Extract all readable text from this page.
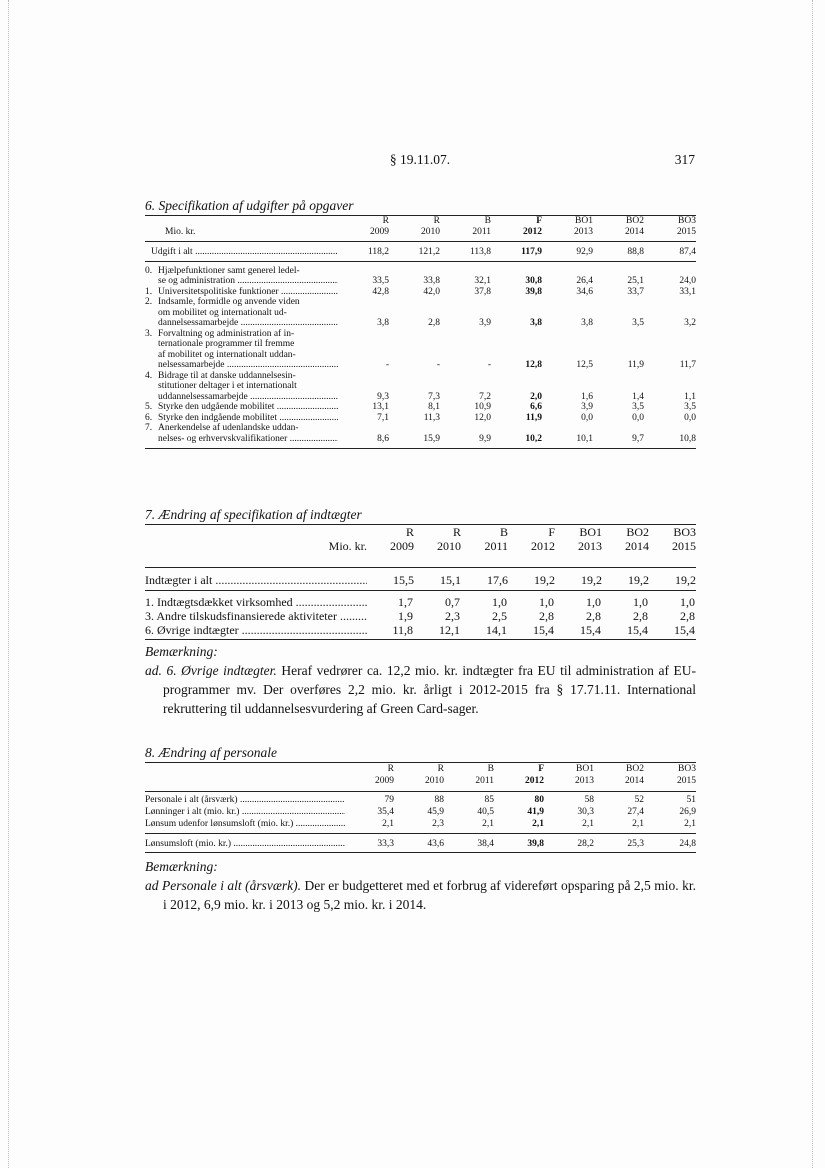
§ 19.11.07.	317
6. Specifikation af udgifter på opgaver
	R	R	B	F	BO1	BO2	BO3
Mio. kr.	2009	2010	2011	2012	2013	2014	2015

Udgift i alt .....	118,2	121,2	113,8	117,9	92,9	88,8	87,4

0. Hjælpefunktioner samt generel ledel-
se og administration .....	33,5	33,8	32,1	30,8	26,4	25,1	24,0

1. Universitetspolitiske funktioner .....	42,8	42,0	37,8	39,8	34,6	33,7	33,1

2. Indsamle, formidle og anvende viden
om mobilitet og internationalt ud-
dannelsessamarbejde .....	3,8	2,8	3,9	3,8	3,8	3,5	3,2

3. Forvaltning og administration af in-
ternationale programmer til fremme
af mobilitet og internationalt uddan-
nelsessamarbejde .....	-	-	-	12,8	12,5	11,9	11,7

4. Bidrage til at danske uddannelsesin-
stitutioner deltager i et internationalt
uddannelsessamarbejde .....	9,3	7,3	7,2	2,0	1,6	1,4	1,1

5. Styrke den udgående mobilitet .....	13,1	8,1	10,9	6,6	3,9	3,5	3,5

6. Styrke den indgående mobilitet .....	7,1	11,3	12,0	11,9	0,0	0,0	0,0

7. Anerkendelse af udenlandske uddan-
nelses- og erhvervskvalifikationer .....	8,6	15,9	9,9	10,2	10,1	9,7	10,8
7. Ændring af specifikation af indtægter
	R	R	B	F	BO1	BO2	BO3
Mio. kr.	2009	2010	2011	2012	2013	2014	2015

Indtægter i alt .....	15,5	15,1	17,6	19,2	19,2	19,2	19,2

1. Indtægtsdækket virksomhed .....	1,7	0,7	1,0	1,0	1,0	1,0	1,0

3. Andre tilskudsfinansierede aktiviteter .....	1,9	2,3	2,5	2,8	2,8	2,8	2,8

6. Øvrige indtægter .....	11,8	12,1	14,1	15,4	15,4	15,4	15,4
Bemærkning:
ad. 6. Øvrige indtægter. Heraf vedrører ca. 12,2 mio. kr. indtægter fra EU til administration af EU-programmer mv. Der overføres 2,2 mio. kr. årligt i 2012-2015 fra § 17.71.11. International rekruttering til uddannelsesvurdering af Green Card-sager.
8. Ændring af personale
	R	R	B	F	BO1	BO2	BO3
	2009	2010	2011	2012	2013	2014	2015

Personale i alt (årsværk) .....	79	88	85	80	58	52	51

Lønninger i alt (mio. kr.) .....	35,4	45,9	40,5	41,9	30,3	27,4	26,9

Lønsum udenfor lønsumsloft (mio. kr.) .....	2,1	2,3	2,1	2,1	2,1	2,1	2,1

Lønsumsloft (mio. kr.) .....	33,3	43,6	38,4	39,8	28,2	25,3	24,8
Bemærkning:
ad Personale i alt (årsværk). Der er budgetteret med et forbrug af videreført opsparing på 2,5 mio. kr. i 2012, 6,9 mio. kr. i 2013 og 5,2 mio. kr. i 2014.
